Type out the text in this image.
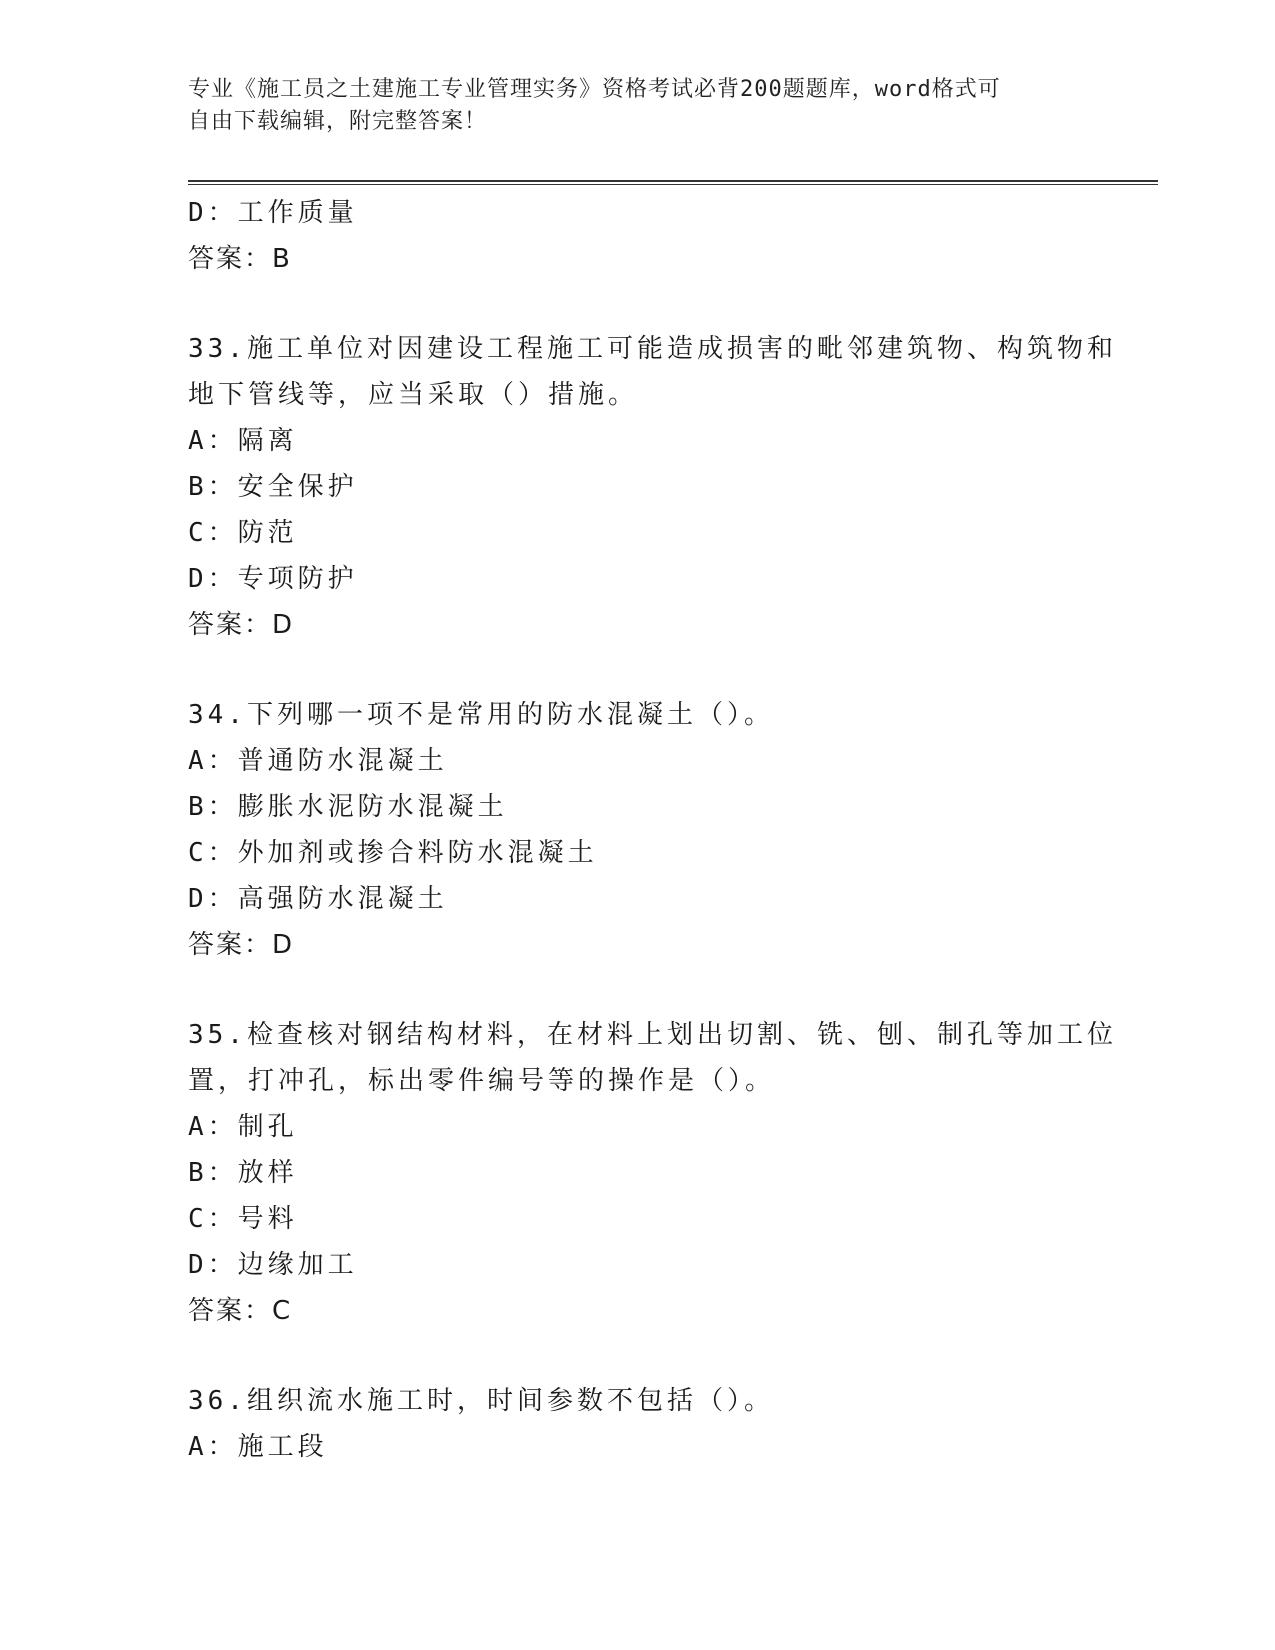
专业《施工员之土建施工专业管理实务》资格考试必背200题题库，word格式可
自由下载编辑，附完整答案！
D：工作质量
答案：B
33.施工单位对因建设工程施工可能造成损害的毗邻建筑物、构筑物和
地下管线等，应当采取（）措施。
A：隔离
B：安全保护
C：防范
D：专项防护
答案：D
34.下列哪一项不是常用的防水混凝土（）。
A：普通防水混凝土
B：膨胀水泥防水混凝土
C：外加剂或掺合料防水混凝土
D：高强防水混凝土
答案：D
35.检查核对钢结构材料，在材料上划出切割、铣、刨、制孔等加工位
置，打冲孔，标出零件编号等的操作是（）。
A：制孔
B：放样
C：号料
D：边缘加工
答案：C
36.组织流水施工时，时间参数不包括（）。
A：施工段
